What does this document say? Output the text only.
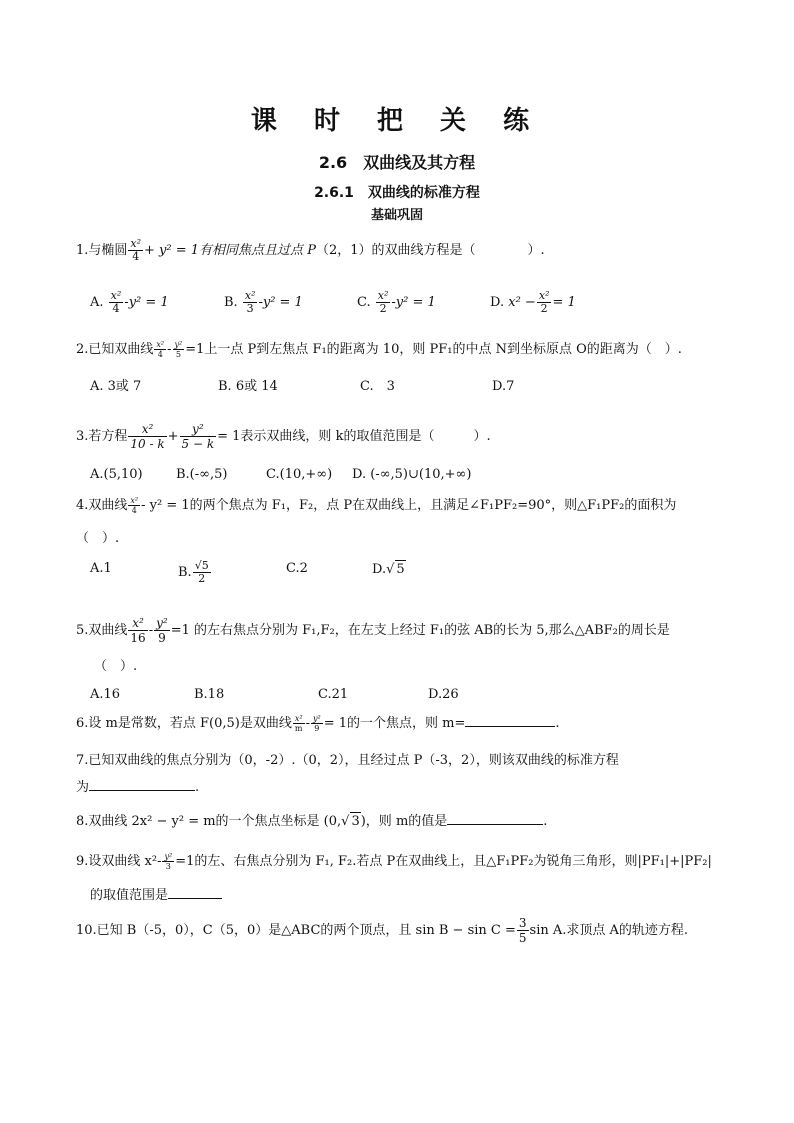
课 时 把 关 练
2.6　双曲线及其方程
2.6.1　双曲线的标准方程
基础巩固
1.与椭圆 $\frac{\text{x²}}{4} + y^2 = 1$有相同焦点且过点 P（2，1）的双曲线方程是（　　　　）.
A. $\frac{\text{x²}}{4} -y^2 = 1$	B. $\frac{\text{x²}}{3} -y^2 = 1$	C. $\frac{\text{x²}}{2} -y^2 = 1$	D. $x^2 - \frac{\text{x²}}{2} = 1$
2.已知双曲线 $\frac{\text{x²}}{4} - \frac{\text{y²}}{5} =1$上一点 P到左焦点 F₁的距离为 10，则 PF₁的中点 N到坐标原点 O的距离为（　）.
A. 3或 7	B. 6或 14	C.　3	D.7
3.若方程 $\frac{\text{x²}}{10 - k} + \frac{\text{y²}}{5 - k} = 1$表示双曲线，则 k的取值范围是（　　　）.
A.(5,10)	B.(-∞,5)	C.(10,+∞) D. (-∞,5)∪(10,+∞)
4.双曲线 $\frac{\text{x²}}{4} - y^2 = 1$的两个焦点为 F₁，F₂，点 P在双曲线上，且满足∠F₁PF₂=90°，则△F₁PF₂的面积为
（　）.
A.1	B. $\frac{√5}{2}$	C.2	D.√ 5
5.双曲线 $\frac{\text{x²}}{16} - \frac{\text{y²}}{9} =1$ 的左右焦点分别为 F₁,F₂，在左支上经过 F₁的弦 AB的长为 5,那么△ABF₂的周长是
（　）.
A.16	B.18	C.21	D.26
6.设 m是常数，若点 F(0,5)是双曲线 $\frac{\text{x²}}{m} - \frac{\text{y²}}{9} = 1$的一个焦点，则 m=	.
7.已知双曲线的焦点分别为（0，-2）.（0，2），且经过点 P（-3，2），则该双曲线的标准方程
为	.
8.双曲线 2x² − y² = m的一个焦点坐标是 (0,√ 3)，则 m的值是	.
9.设双曲线 $x^2- \frac{\text{y²}}{3} =1$的左、右焦点分别为 F₁, F₂.若点 P在双曲线上，且△F₁PF₂为锐角三角形，则|PF₁|+|PF₂|
的取值范围是
10.已知 B（-5，0），C（5，0）是△ABC的两个顶点，且 $\sin B - \sin C = \frac{3}{5}$ sin A.求顶点 A的轨迹方程.
